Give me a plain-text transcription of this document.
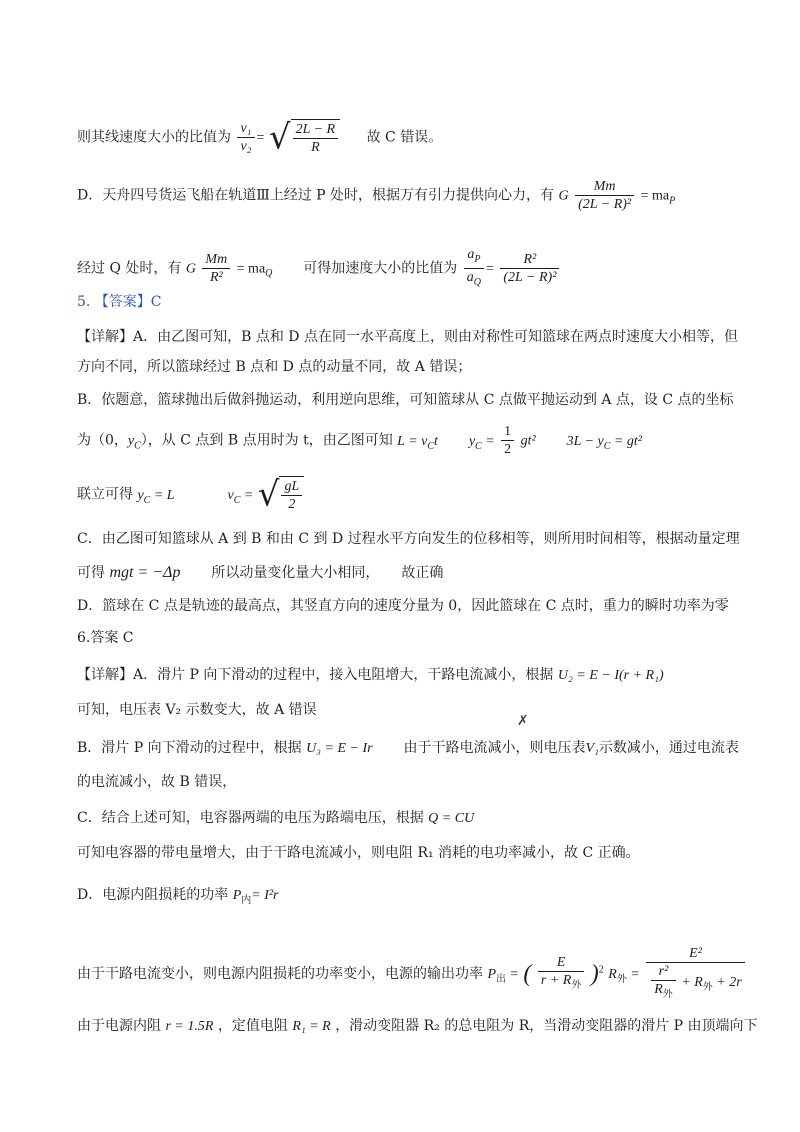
则其线速度大小的比值为 $\frac{\text{v₁}}{\text{v₂}}$ = √ $\frac{2L - R}{R}$ 故 C 错误。
D．天舟四号货运飞船在轨道Ⅲ上经过 P 处时，根据万有引力提供向心力，有 G $\frac{Mm}{\text{(2L − R)²}} = ma_P$
经过 Q 处时，有 G $\frac{Mm}{\text{R²}} = ma_Q$ 可得加速度大小的比值为 $\frac{a_P}{a_Q} = \frac{\text{R²}}{\text{(2L − R)²}}$
5. 【答案】C
【详解】A．由乙图可知，B 点和 D 点在同一水平高度上，则由对称性可知篮球在两点时速度大小相等，但
方向不同，所以篮球经过 B 点和 D 点的动量不同，故 A 错误；
B．依题意，篮球抛出后做斜抛运动，利用逆向思维，可知篮球从 C 点做平抛运动到 A 点，设 C 点的坐标
为（0，$y_C$），从 C 点到 B 点用时为 t，由乙图可知 $L = v_Ct$ $y_C = \frac{1}{2} gt^2$ $3L - y_C = gt^2$
联立可得 $y_C = L$	$v_C$ = √ $\frac{gL}{2}$
C．由乙图可知篮球从 A 到 B 和由 C 到 D 过程水平方向发生的位移相等，则所用时间相等，根据动量定理
可得 mgt = −Δp 所以动量变化量大小相同， 故正确
D．篮球在 C 点是轨迹的最高点，其竖直方向的速度分量为 0，因此篮球在 C 点时，重力的瞬时功率为零
6.答案 C
【详解】A．滑片 P 向下滑动的过程中，接入电阻增大，干路电流减小，根据 U₂ = E − I(r + R₁)
可知，电压表 V₂ 示数变大，故 A 错误
✗
B．滑片 P 向下滑动的过程中，根据 U₃ = E − Ir 由于干路电流减小，则电压表V₁示数减小，通过电流表
的电流减小，故 B 错误，
C．结合上述可知，电容器两端的电压为路端电压，根据 Q = CU
可知电容器的带电量增大，由于干路电流减小，则电阻 R₁ 消耗的电功率减小，故 C 正确。
D．电源内阻损耗的功率 $P_内= I^2r$
由于干路电流变小，则电源内阻损耗的功率变小，电源的输出功率 $P_出$ = ( $\frac{E}{r + R_外} )^2$ $R_外 = \frac{\text{E²}}{\frac{\text{r²}}{R_外} + R_外 + 2r}$
由于电源内阻 r = 1.5R ，定值电阻 R₁ = R ，滑动变阻器 R₂ 的总电阻为 R，当滑动变阻器的滑片 P 由顶端向下
